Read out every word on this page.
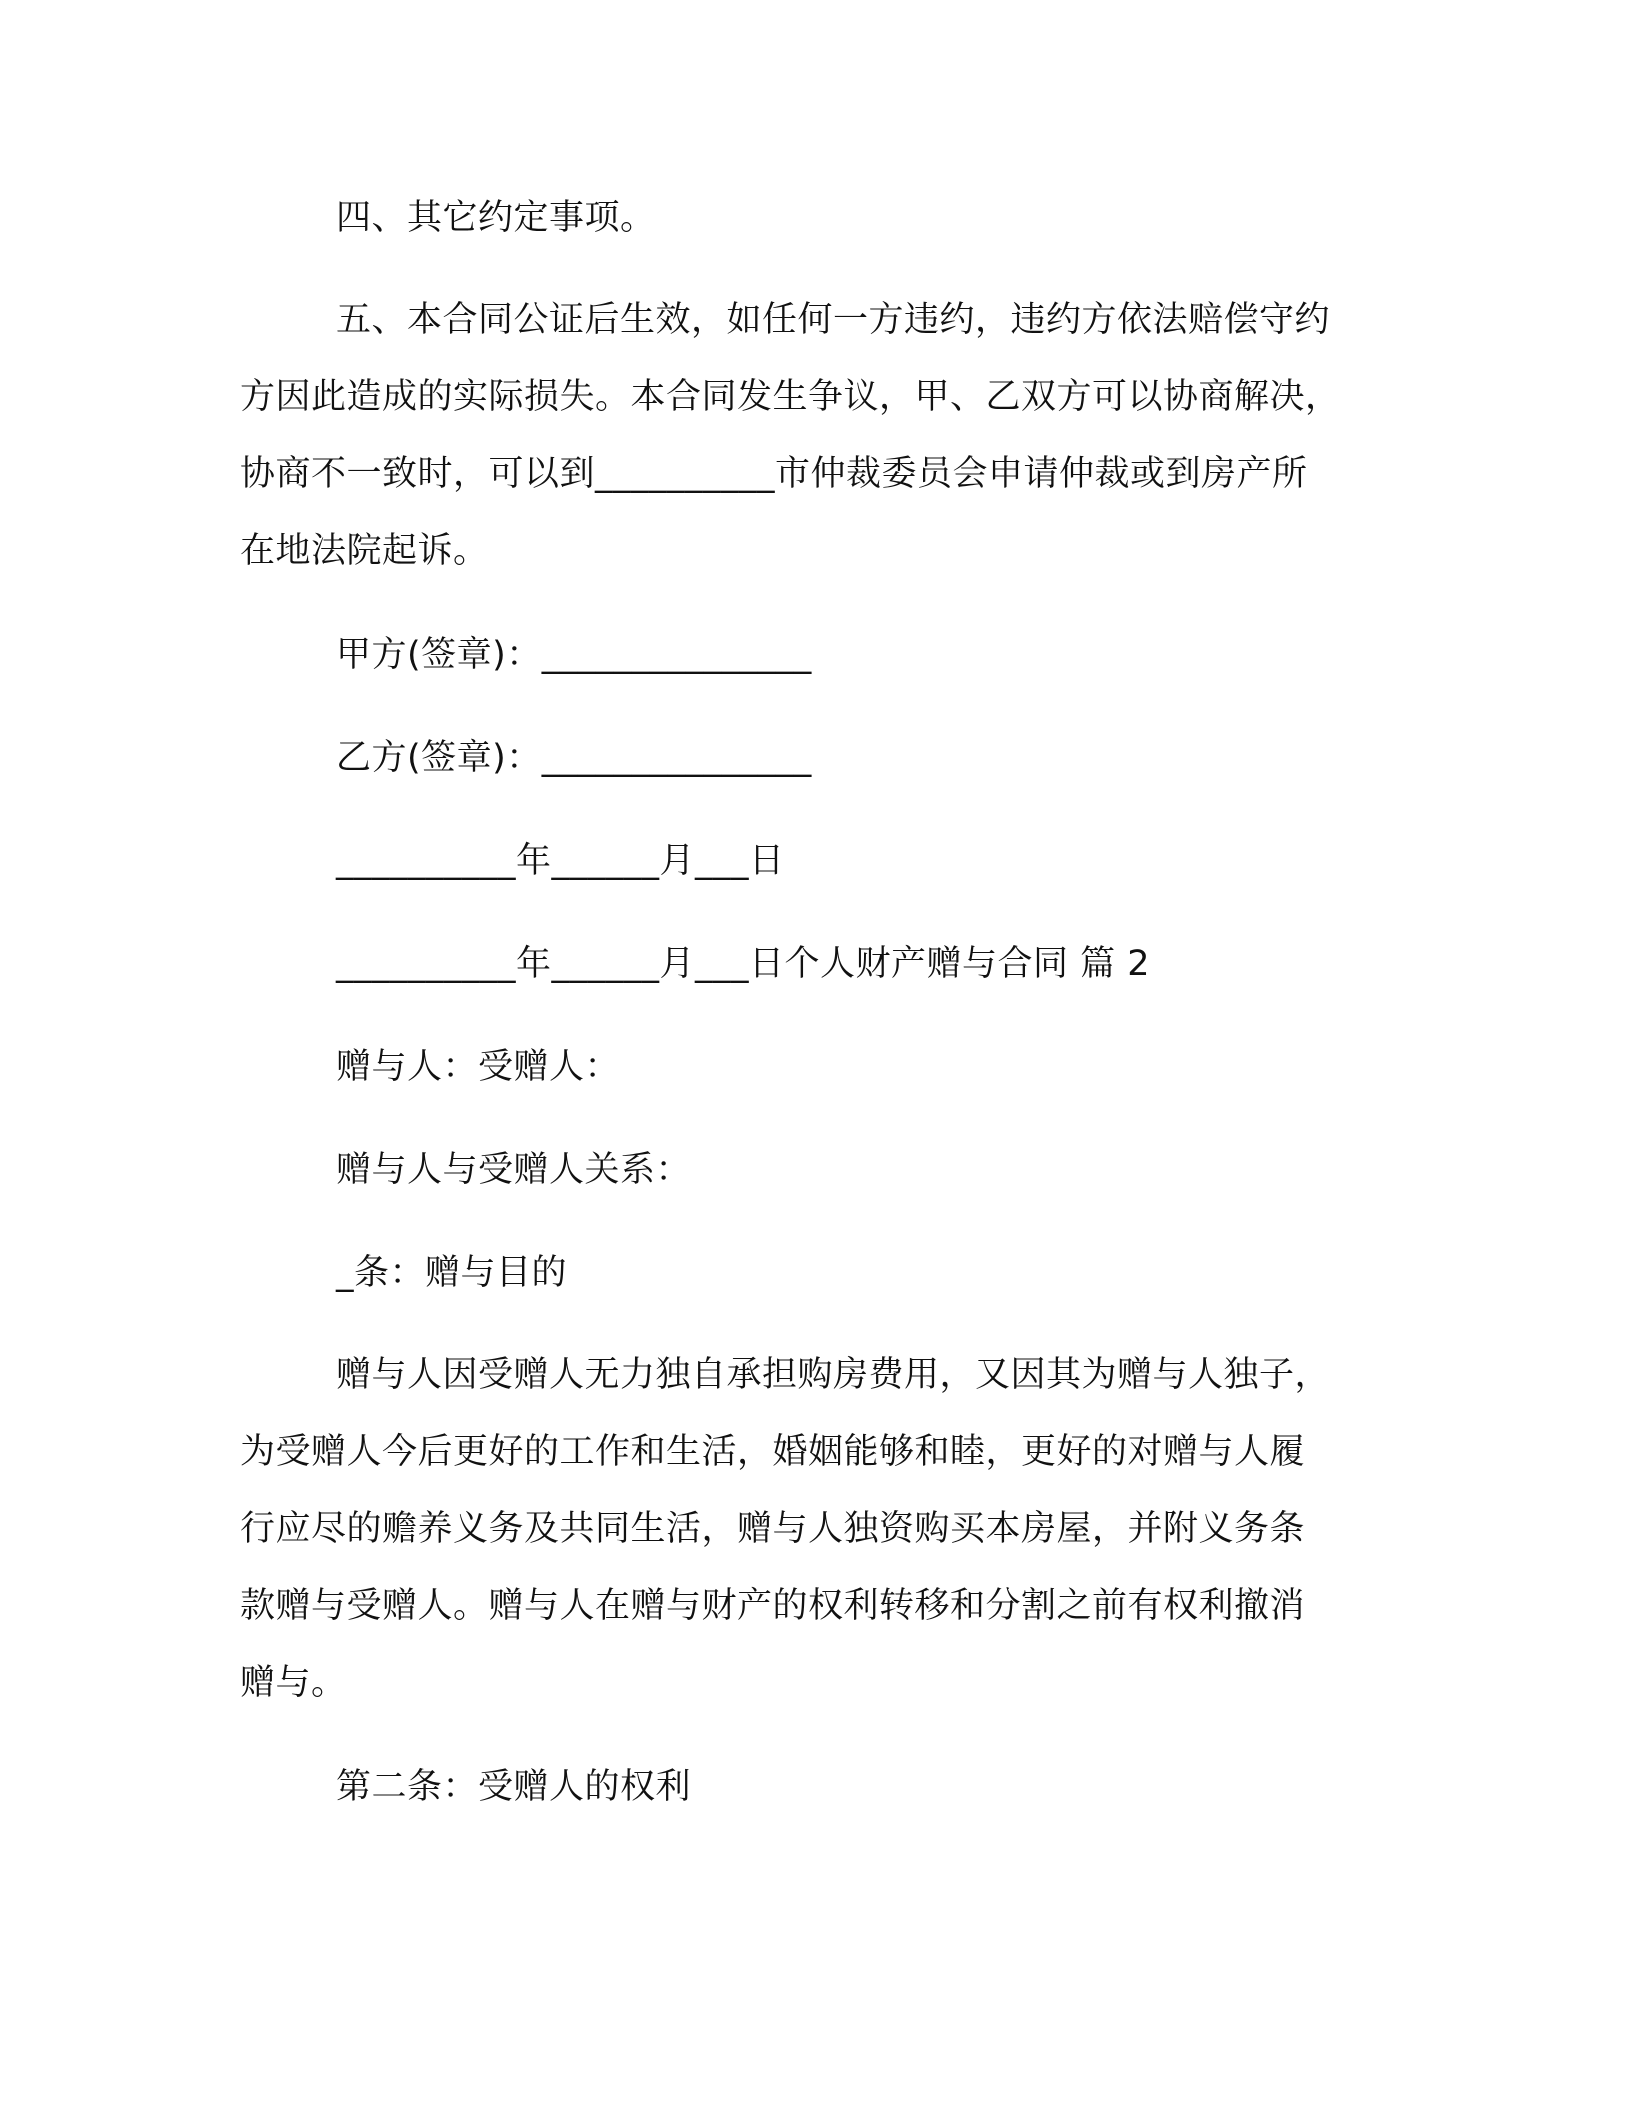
四、其它约定事项。
五、本合同公证后生效，如任何一方违约，违约方依法赔偿守约
方因此造成的实际损失。本合同发生争议，甲、乙双方可以协商解决，
协商不一致时，可以到__________市仲裁委员会申请仲裁或到房产所
在地法院起诉。
甲方(签章)：_______________
乙方(签章)：_______________
__________年______月___日
__________年______月___日个人财产赠与合同 篇 2
赠与人：受赠人：
赠与人与受赠人关系：
_条：赠与目的
赠与人因受赠人无力独自承担购房费用，又因其为赠与人独子，
为受赠人今后更好的工作和生活，婚姻能够和睦，更好的对赠与人履
行应尽的赡养义务及共同生活，赠与人独资购买本房屋，并附义务条
款赠与受赠人。赠与人在赠与财产的权利转移和分割之前有权利撤消
赠与。
第二条：受赠人的权利
